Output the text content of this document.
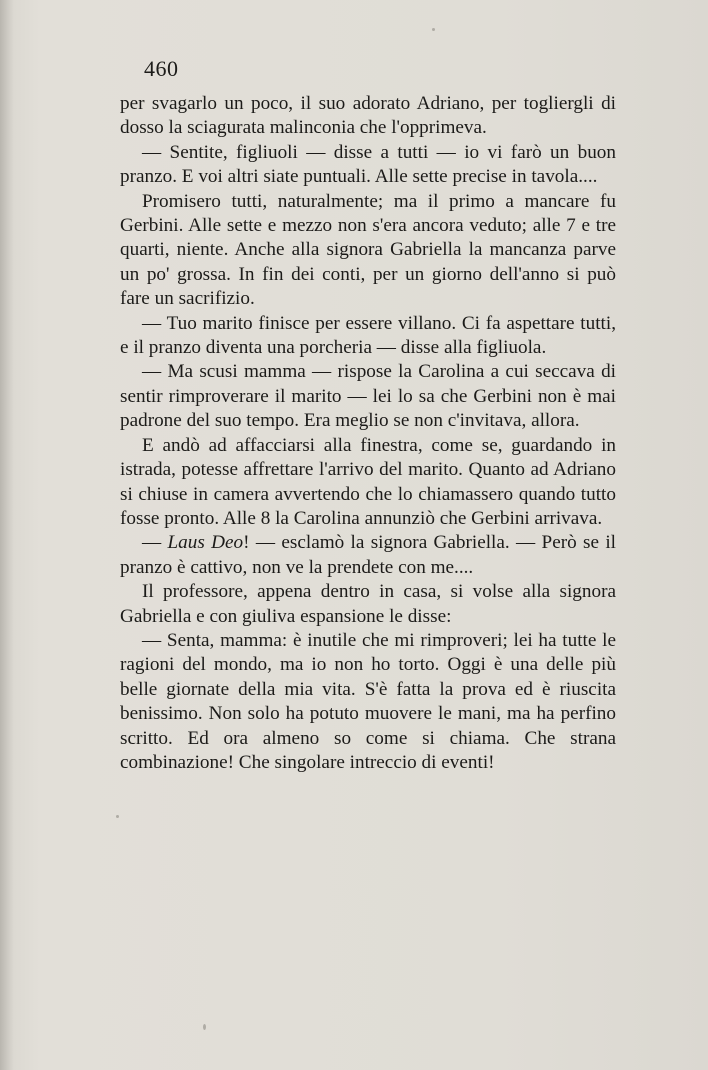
460

per svagarlo un poco, il suo adorato Adriano, per togliergli di dosso la sciagurata malinconia che l'opprimeva.

— Sentite, figliuoli — disse a tutti — io vi farò un buon pranzo. E voi altri siate puntuali. Alle sette precise in tavola....

Promisero tutti, naturalmente; ma il primo a mancare fu Gerbini. Alle sette e mezzo non s'era ancora veduto; alle 7 e tre quarti, niente. Anche alla signora Gabriella la mancanza parve un po' grossa. In fin dei conti, per un giorno dell'anno si può fare un sacrifizio.

— Tuo marito finisce per essere villano. Ci fa aspettare tutti, e il pranzo diventa una porcheria — disse alla figliuola.

— Ma scusi mamma — rispose la Carolina a cui seccava di sentir rimproverare il marito — lei lo sa che Gerbini non è mai padrone del suo tempo. Era meglio se non c'invitava, allora.

E andò ad affacciarsi alla finestra, come se, guardando in istrada, potesse affrettare l'arrivo del marito. Quanto ad Adriano si chiuse in camera avvertendo che lo chiamassero quando tutto fosse pronto. Alle 8 la Carolina annunziò che Gerbini arrivava.

— Laus Deo! — esclamò la signora Gabriella. — Però se il pranzo è cattivo, non ve la prendete con me....

Il professore, appena dentro in casa, si volse alla signora Gabriella e con giuliva espansione le disse:

— Senta, mamma: è inutile che mi rimproveri; lei ha tutte le ragioni del mondo, ma io non ho torto. Oggi è una delle più belle giornate della mia vita. S'è fatta la prova ed è riuscita benissimo. Non solo ha potuto muovere le mani, ma ha perfino scritto. Ed ora almeno so come si chiama. Che strana combinazione! Che singolare intreccio di eventi!
